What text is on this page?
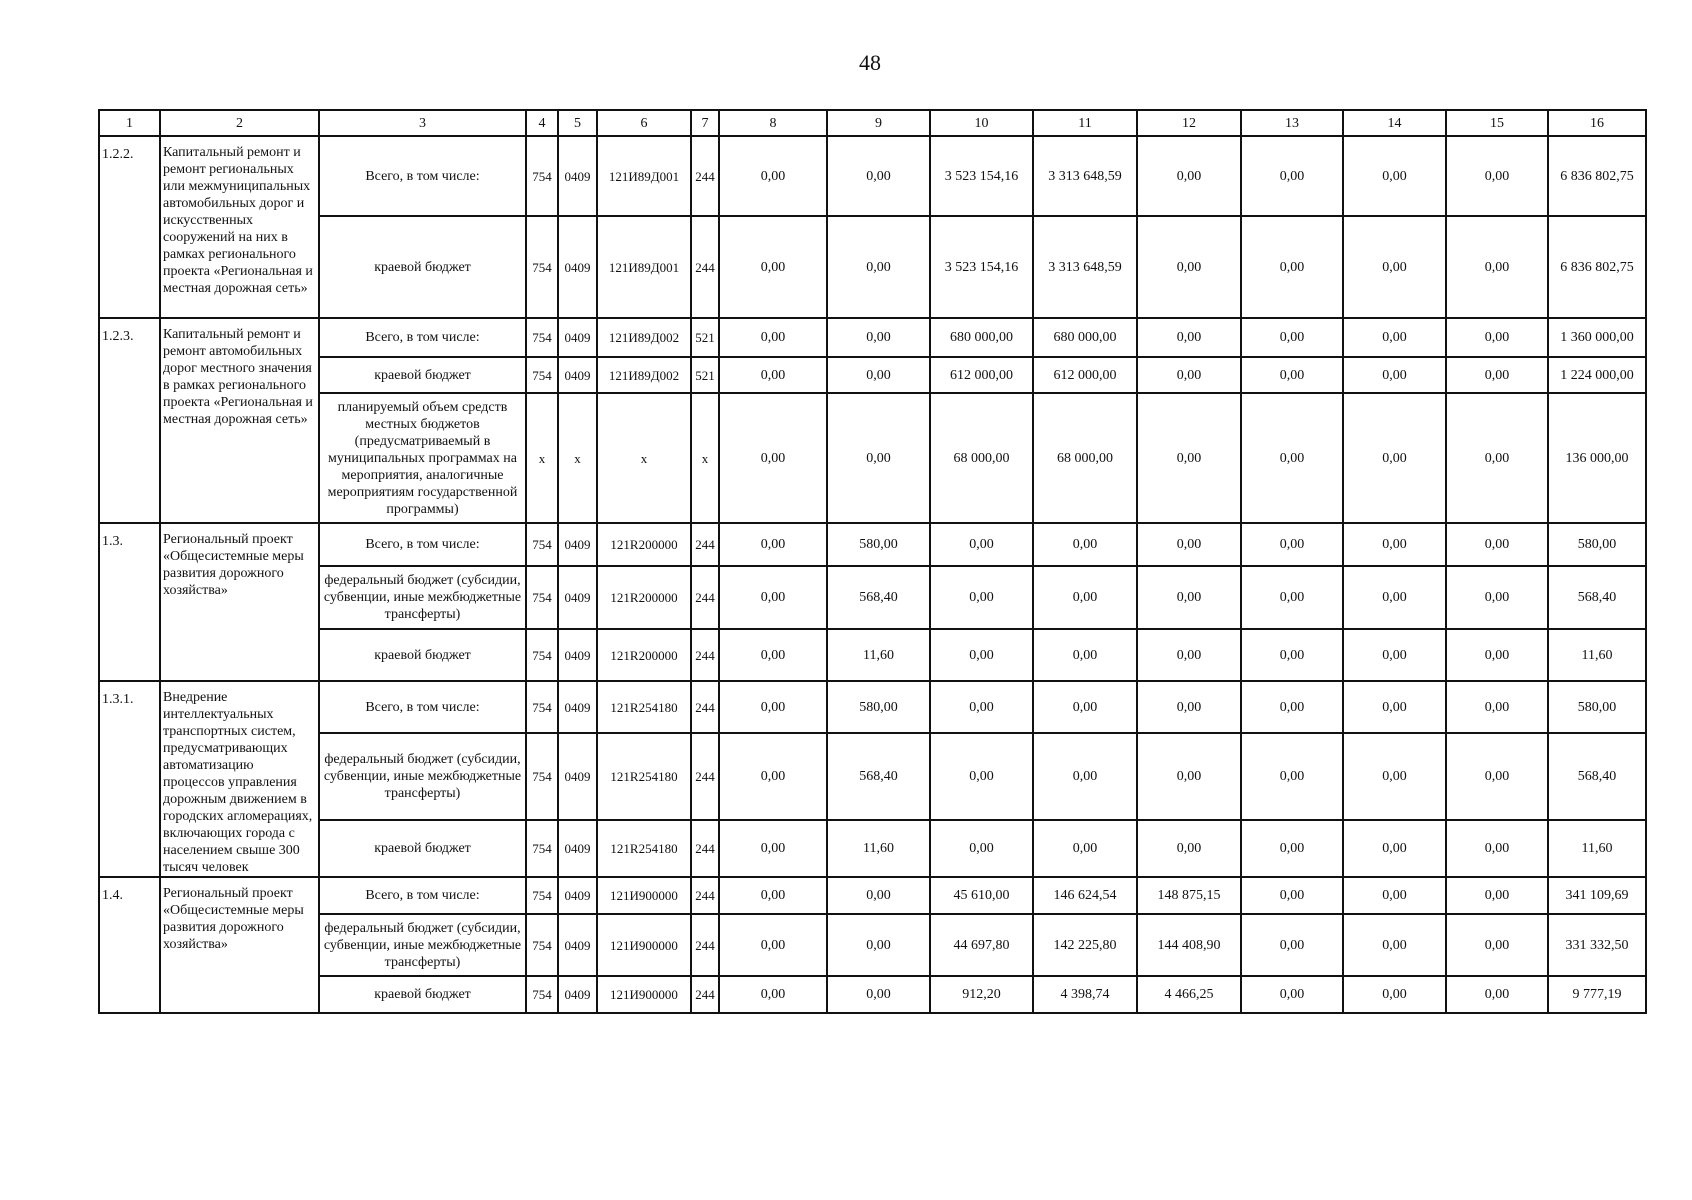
48
1	2	3	4	5	6	7	8	9	10	11	12	13	14	15	16
1.2.2.	Капитальный ремонт и ремонт региональных или межмуниципальных автомобильных дорог и искусственных сооружений на них в рамках регионального проекта «Региональная и местная дорожная сеть»	Всего, в том числе:	754	0409	121И89Д001	244	0,00	0,00	3 523 154,16	3 313 648,59	0,00	0,00	0,00	0,00	6 836 802,75
		краевой бюджет	754	0409	121И89Д001	244	0,00	0,00	3 523 154,16	3 313 648,59	0,00	0,00	0,00	0,00	6 836 802,75
1.2.3.	Капитальный ремонт и ремонт автомобильных дорог местного значения в рамках регионального проекта «Региональная и местная дорожная сеть»	Всего, в том числе:	754	0409	121И89Д002	521	0,00	0,00	680 000,00	680 000,00	0,00	0,00	0,00	0,00	1 360 000,00
		краевой бюджет	754	0409	121И89Д002	521	0,00	0,00	612 000,00	612 000,00	0,00	0,00	0,00	0,00	1 224 000,00
		планируемый объем средств местных бюджетов (предусматриваемый в муниципальных программах на мероприятия, аналогичные мероприятиям государственной программы)	х	х	х	х	0,00	0,00	68 000,00	68 000,00	0,00	0,00	0,00	0,00	136 000,00
1.3.	Региональный проект «Общесистемные меры развития дорожного хозяйства»	Всего, в том числе:	754	0409	121R200000	244	0,00	580,00	0,00	0,00	0,00	0,00	0,00	0,00	580,00
		федеральный бюджет (субсидии, субвенции, иные межбюджетные трансферты)	754	0409	121R200000	244	0,00	568,40	0,00	0,00	0,00	0,00	0,00	0,00	568,40
		краевой бюджет	754	0409	121R200000	244	0,00	11,60	0,00	0,00	0,00	0,00	0,00	0,00	11,60
1.3.1.	Внедрение интеллектуальных транспортных систем, предусматривающих автоматизацию процессов управления дорожным движением в городских агломерациях, включающих города с населением свыше 300 тысяч человек	Всего, в том числе:	754	0409	121R254180	244	0,00	580,00	0,00	0,00	0,00	0,00	0,00	0,00	580,00
		федеральный бюджет (субсидии, субвенции, иные межбюджетные трансферты)	754	0409	121R254180	244	0,00	568,40	0,00	0,00	0,00	0,00	0,00	0,00	568,40
		краевой бюджет	754	0409	121R254180	244	0,00	11,60	0,00	0,00	0,00	0,00	0,00	0,00	11,60
1.4.	Региональный проект «Общесистемные меры развития дорожного хозяйства»	Всего, в том числе:	754	0409	121И900000	244	0,00	0,00	45 610,00	146 624,54	148 875,15	0,00	0,00	0,00	341 109,69
		федеральный бюджет (субсидии, субвенции, иные межбюджетные трансферты)	754	0409	121И900000	244	0,00	0,00	44 697,80	142 225,80	144 408,90	0,00	0,00	0,00	331 332,50
		краевой бюджет	754	0409	121И900000	244	0,00	0,00	912,20	4 398,74	4 466,25	0,00	0,00	0,00	9 777,19
